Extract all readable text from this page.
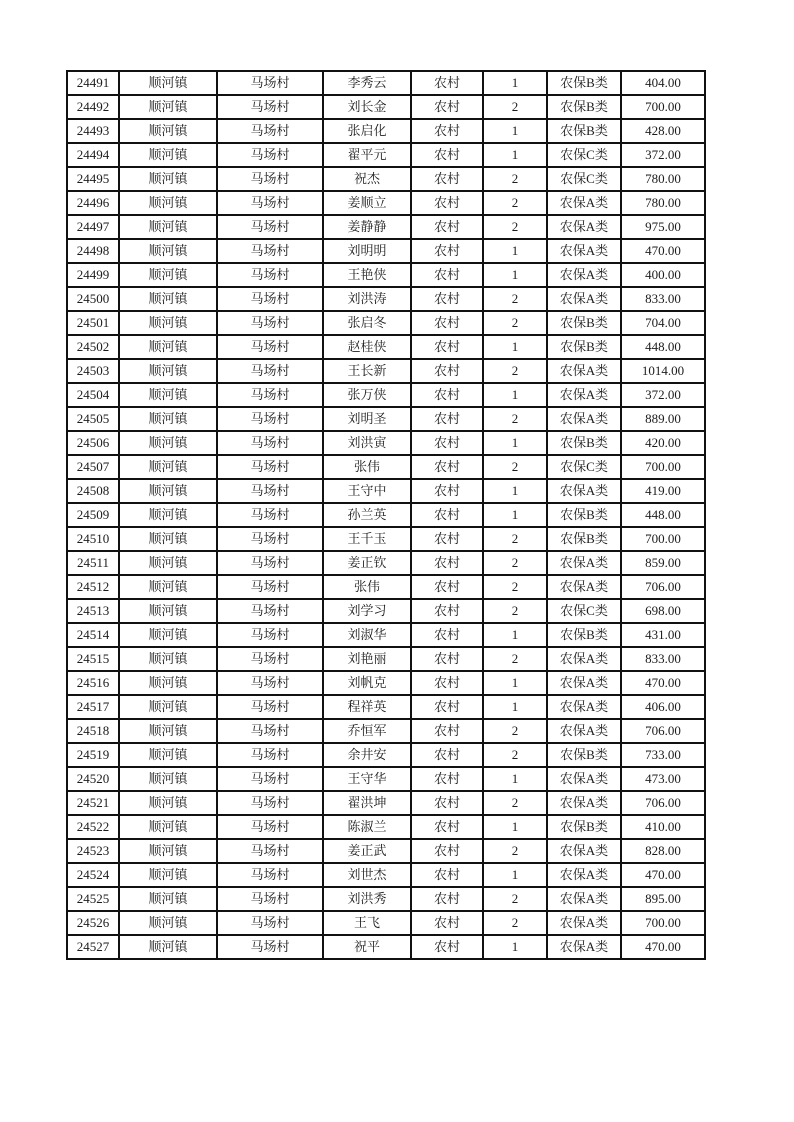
24491	顺河镇	马场村	李秀云	农村	1	农保B类	404.00
24492	顺河镇	马场村	刘长金	农村	2	农保B类	700.00
24493	顺河镇	马场村	张启化	农村	1	农保B类	428.00
24494	顺河镇	马场村	翟平元	农村	1	农保C类	372.00
24495	顺河镇	马场村	祝杰	农村	2	农保C类	780.00
24496	顺河镇	马场村	姜顺立	农村	2	农保A类	780.00
24497	顺河镇	马场村	姜静静	农村	2	农保A类	975.00
24498	顺河镇	马场村	刘明明	农村	1	农保A类	470.00
24499	顺河镇	马场村	王艳侠	农村	1	农保A类	400.00
24500	顺河镇	马场村	刘洪涛	农村	2	农保A类	833.00
24501	顺河镇	马场村	张启冬	农村	2	农保B类	704.00
24502	顺河镇	马场村	赵桂侠	农村	1	农保B类	448.00
24503	顺河镇	马场村	王长新	农村	2	农保A类	1014.00
24504	顺河镇	马场村	张万侠	农村	1	农保A类	372.00
24505	顺河镇	马场村	刘明圣	农村	2	农保A类	889.00
24506	顺河镇	马场村	刘洪寅	农村	1	农保B类	420.00
24507	顺河镇	马场村	张伟	农村	2	农保C类	700.00
24508	顺河镇	马场村	王守中	农村	1	农保A类	419.00
24509	顺河镇	马场村	孙兰英	农村	1	农保B类	448.00
24510	顺河镇	马场村	王千玉	农村	2	农保B类	700.00
24511	顺河镇	马场村	姜正钦	农村	2	农保A类	859.00
24512	顺河镇	马场村	张伟	农村	2	农保A类	706.00
24513	顺河镇	马场村	刘学习	农村	2	农保C类	698.00
24514	顺河镇	马场村	刘淑华	农村	1	农保B类	431.00
24515	顺河镇	马场村	刘艳丽	农村	2	农保A类	833.00
24516	顺河镇	马场村	刘帆克	农村	1	农保A类	470.00
24517	顺河镇	马场村	程祥英	农村	1	农保A类	406.00
24518	顺河镇	马场村	乔恒军	农村	2	农保A类	706.00
24519	顺河镇	马场村	余井安	农村	2	农保B类	733.00
24520	顺河镇	马场村	王守华	农村	1	农保A类	473.00
24521	顺河镇	马场村	翟洪坤	农村	2	农保A类	706.00
24522	顺河镇	马场村	陈淑兰	农村	1	农保B类	410.00
24523	顺河镇	马场村	姜正武	农村	2	农保A类	828.00
24524	顺河镇	马场村	刘世杰	农村	1	农保A类	470.00
24525	顺河镇	马场村	刘洪秀	农村	2	农保A类	895.00
24526	顺河镇	马场村	王飞	农村	2	农保A类	700.00
24527	顺河镇	马场村	祝平	农村	1	农保A类	470.00
